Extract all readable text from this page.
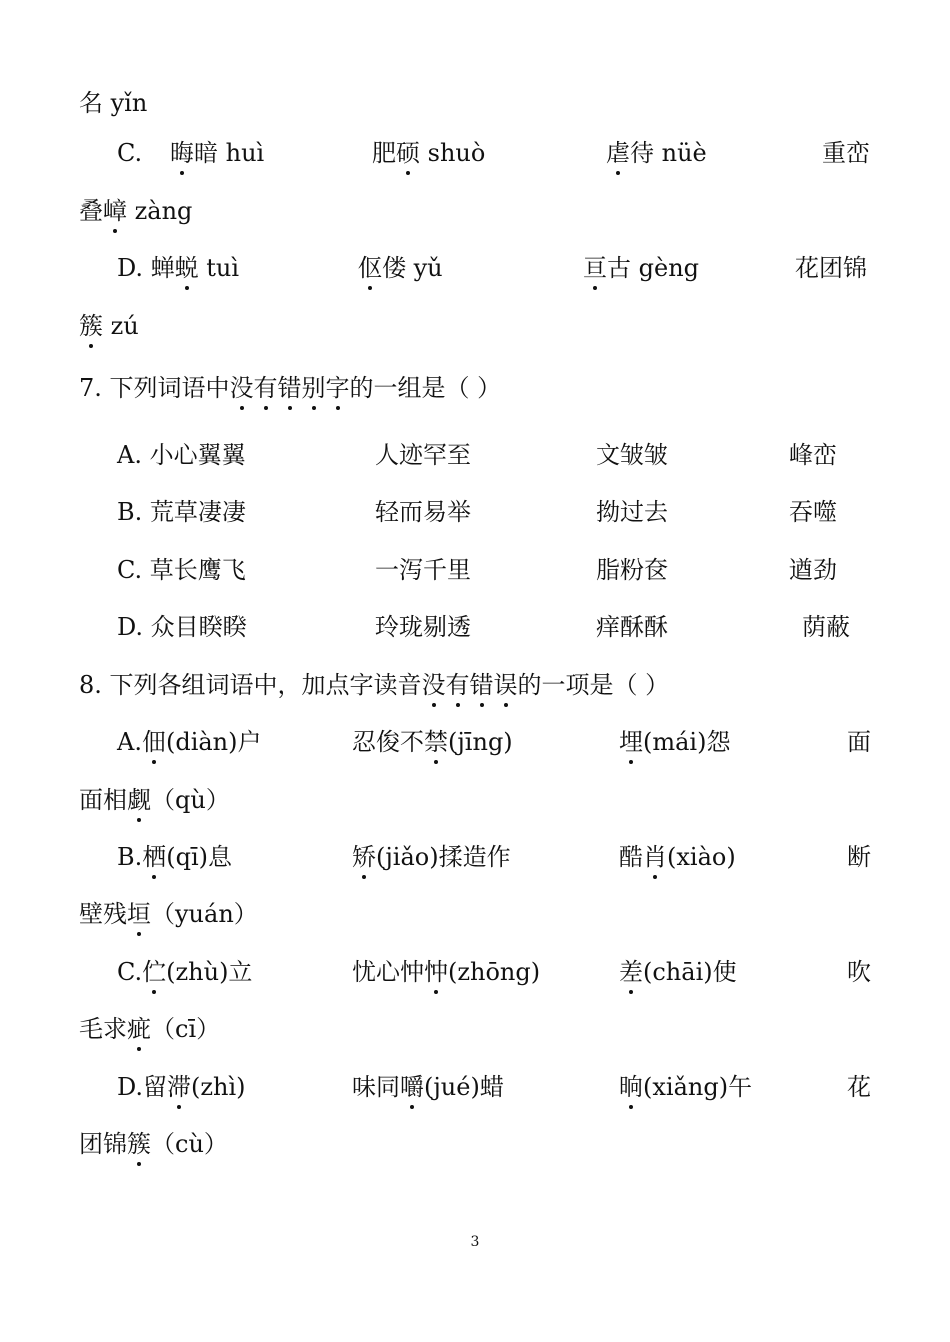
名 yǐn
C. 晦暗 huì	肥硕 shuò	虐待 nüè	重峦
叠嶂 zàng
D. 蝉蜕 tuì	伛偻 yǔ	亘古 gèng	花团锦
簇 zú
7. 下列词语中没有错别字的一组是（ ）
A. 小心翼翼	人迹罕至	文皱皱	峰峦
B. 荒草凄凄	轻而易举	拗过去	吞噬
C. 草长鹰飞	一泻千里	脂粉奁	遒劲
D. 众目睽睽	玲珑剔透	痒酥酥	荫蔽
8. 下列各组词语中，加点字读音没有错误的一项是（ ）
A.佃(diàn)户	忍俊不禁(jīng)	埋(mái)怨	面
面相觑（qù）
B.栖(qī)息	矫(jiǎo)揉造作	酷肖(xiào)	断
壁残垣（yuán）
C.伫(zhù)立	忧心忡忡(zhōng)	差(chāi)使	吹
毛求疵（cī）
D.留滞(zhì)	味同嚼(jué)蜡	晌(xiǎng)午	花
团锦簇（cù）
3
